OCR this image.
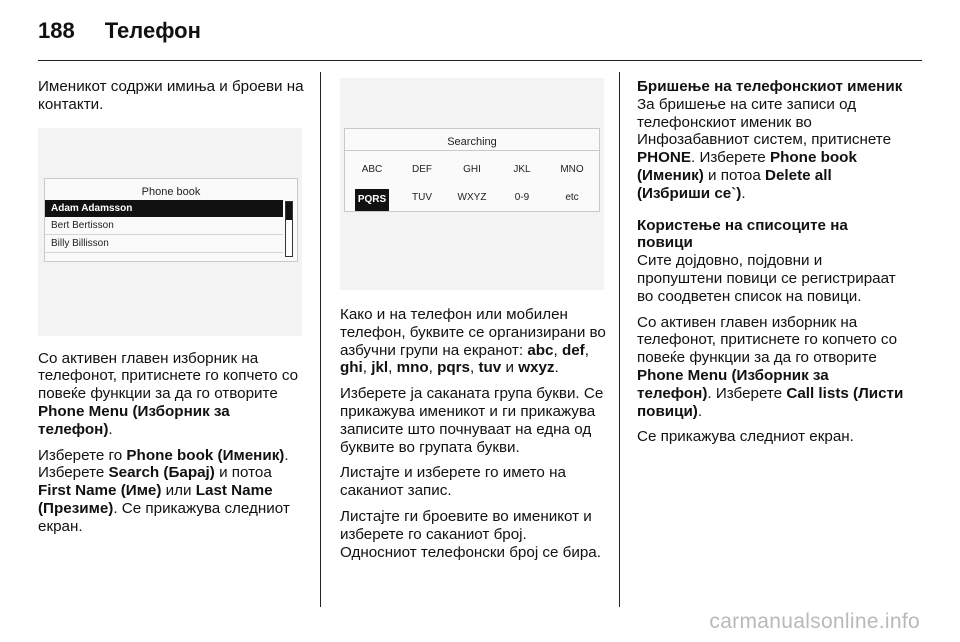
188 Телефон

Именикот содржи имиња и броеви на контакти.

Phone book
Adam Adamsson
Bert Bertisson
Billy Billisson

Со активен главен изборник на телефонот, притиснете го копчето со повеќе функции за да го отворите Phone Menu (Изборник за телефон).

Изберете го Phone book (Именик). Изберете Search (Барај) и потоа First Name (Име) или Last Name (Презиме). Се прикажува следниот екран.

Searching
ABC	DEF	GHI	JKL	MNO
PQRS	TUV	WXYZ	0-9	etc

Како и на телефон или мобилен телефон, буквите се организирани во азбучни групи на екранот: abc, def, ghi, jkl, mno, pqrs, tuv и wxyz.

Изберете ја саканата група букви. Се прикажува именикот и ги прикажува записите што почнуваат на една од буквите во групата букви.

Листајте и изберете го името на саканиот запис.

Листајте ги броевите во именикот и изберете го саканиот број. Односниот телефонски број се бира.

Бришење на телефонскиот именик

За бришење на сите записи од телефонскиот именик во Инфозабавниот систем, притиснете PHONE. Изберете Phone book (Именик) и потоа Delete all (Избриши се`).

Користење на списоците на повици

Сите дојдовно, појдовни и пропуштени повици се регистрираат во соодветен список на повици.

Со активен главен изборник на телефонот, притиснете го копчето со повеќе функции за да го отворите Phone Menu (Изборник за телефон). Изберете Call lists (Листи повици).

Се прикажува следниот екран.

carmanualsonline.info
